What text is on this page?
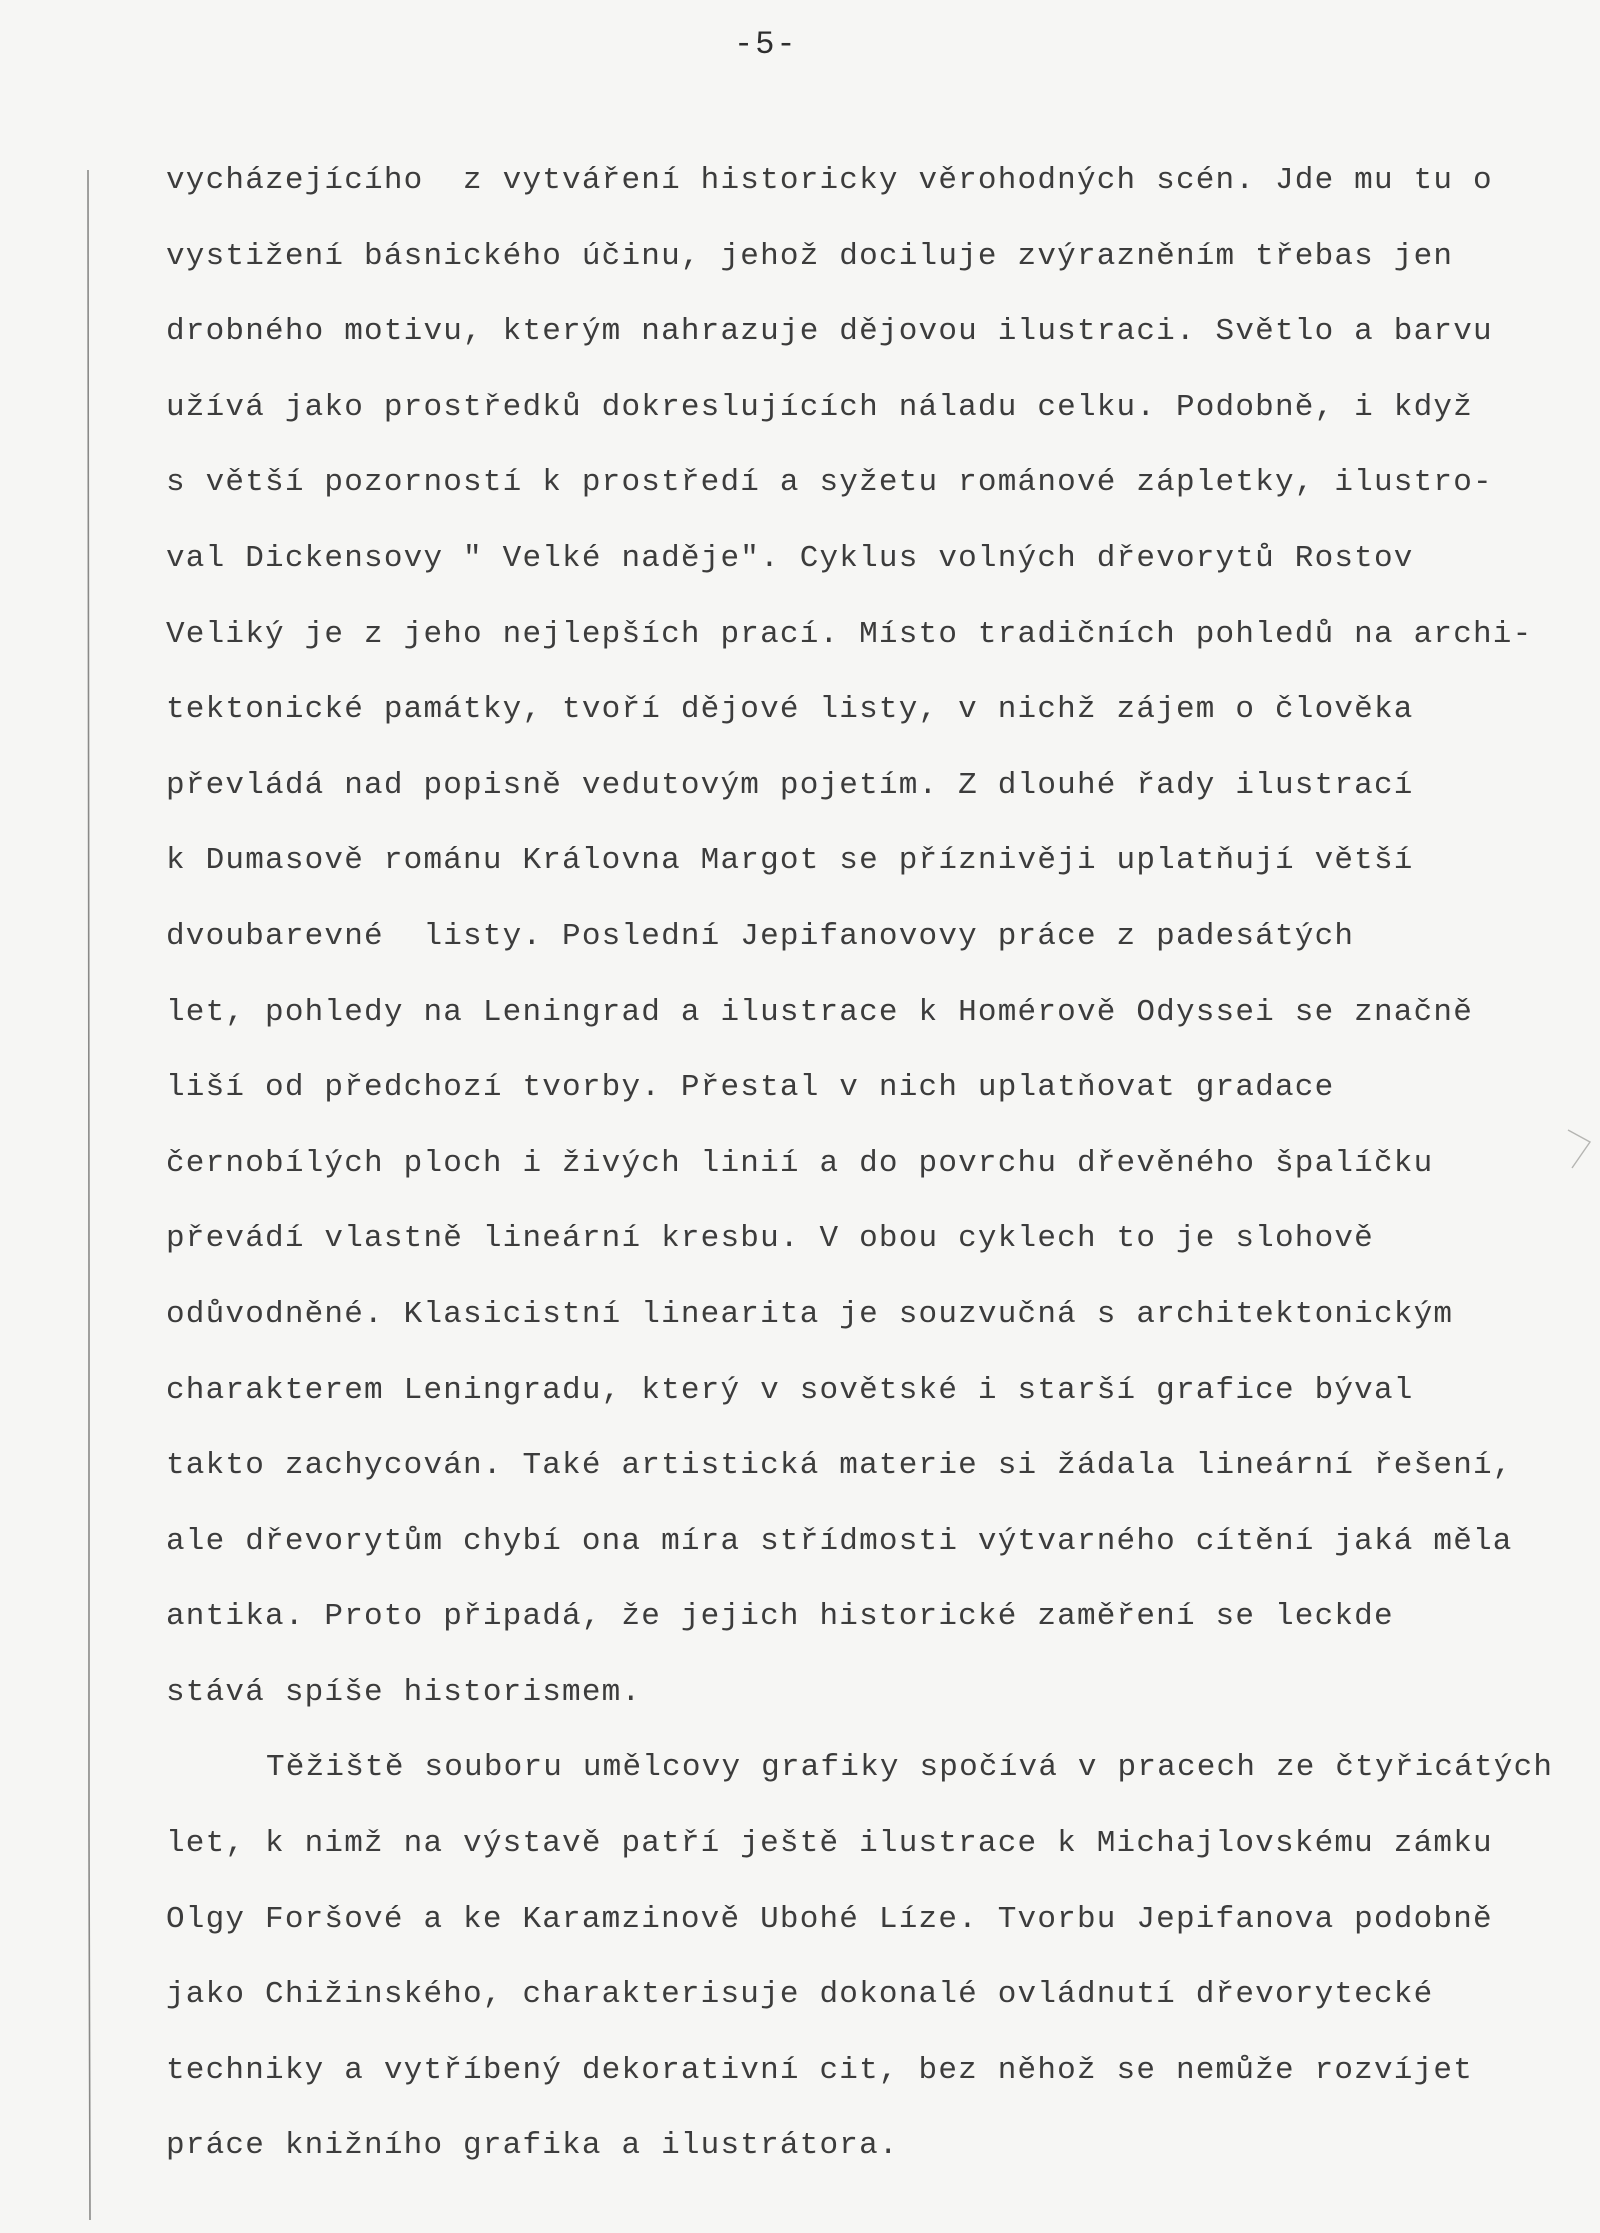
-5-
vycházejícího  z vytváření historicky věrohodných scén. Jde mu tu o
vystižení básnického účinu, jehož dociluje zvýrazněním třebas jen
drobného motivu, kterým nahrazuje dějovou ilustraci. Světlo a barvu
užívá jako prostředků dokreslujících náladu celku. Podobně, i když
s větší pozorností k prostředí a syžetu románové zápletky, ilustro-
val Dickensovy " Velké naděje". Cyklus volných dřevorytů Rostov
Veliký je z jeho nejlepších prací. Místo tradičních pohledů na archi-
tektonické památky, tvoří dějové listy, v nichž zájem o člověka
převládá nad popisně vedutovým pojetím. Z dlouhé řady ilustrací
k Dumasově románu Královna Margot se příznivěji uplatňují větší
dvoubarevné  listy. Poslední Jepifanovovy práce z padesátých
let, pohledy na Leningrad a ilustrace k Homérově Odyssei se značně
liší od předchozí tvorby. Přestal v nich uplatňovat gradace
černobílých ploch i živých linií a do povrchu dřevěného špalíčku
převádí vlastně lineární kresbu. V obou cyklech to je slohově
odůvodněné. Klasicistní linearita je souzvučná s architektonickým
charakterem Leningradu, který v sovětské i starší grafice býval
takto zachycován. Také artistická materie si žádala lineární řešení,
ale dřevorytům chybí ona míra střídmosti výtvarného cítění jaká měla
antika. Proto připadá, že jejich historické zaměření se leckde
stává spíše historismem.
Těžiště souboru umělcovy grafiky spočívá v pracech ze čtyřicátých
let, k nimž na výstavě patří ještě ilustrace k Michajlovskému zámku
Olgy Foršové a ke Karamzinově Ubohé Líze. Tvorbu Jepifanova podobně
jako Chižinského, charakterisuje dokonalé ovládnutí dřevorytecké
techniky a vytříbený dekorativní cit, bez něhož se nemůže rozvíjet
práce knižního grafika a ilustrátora.
